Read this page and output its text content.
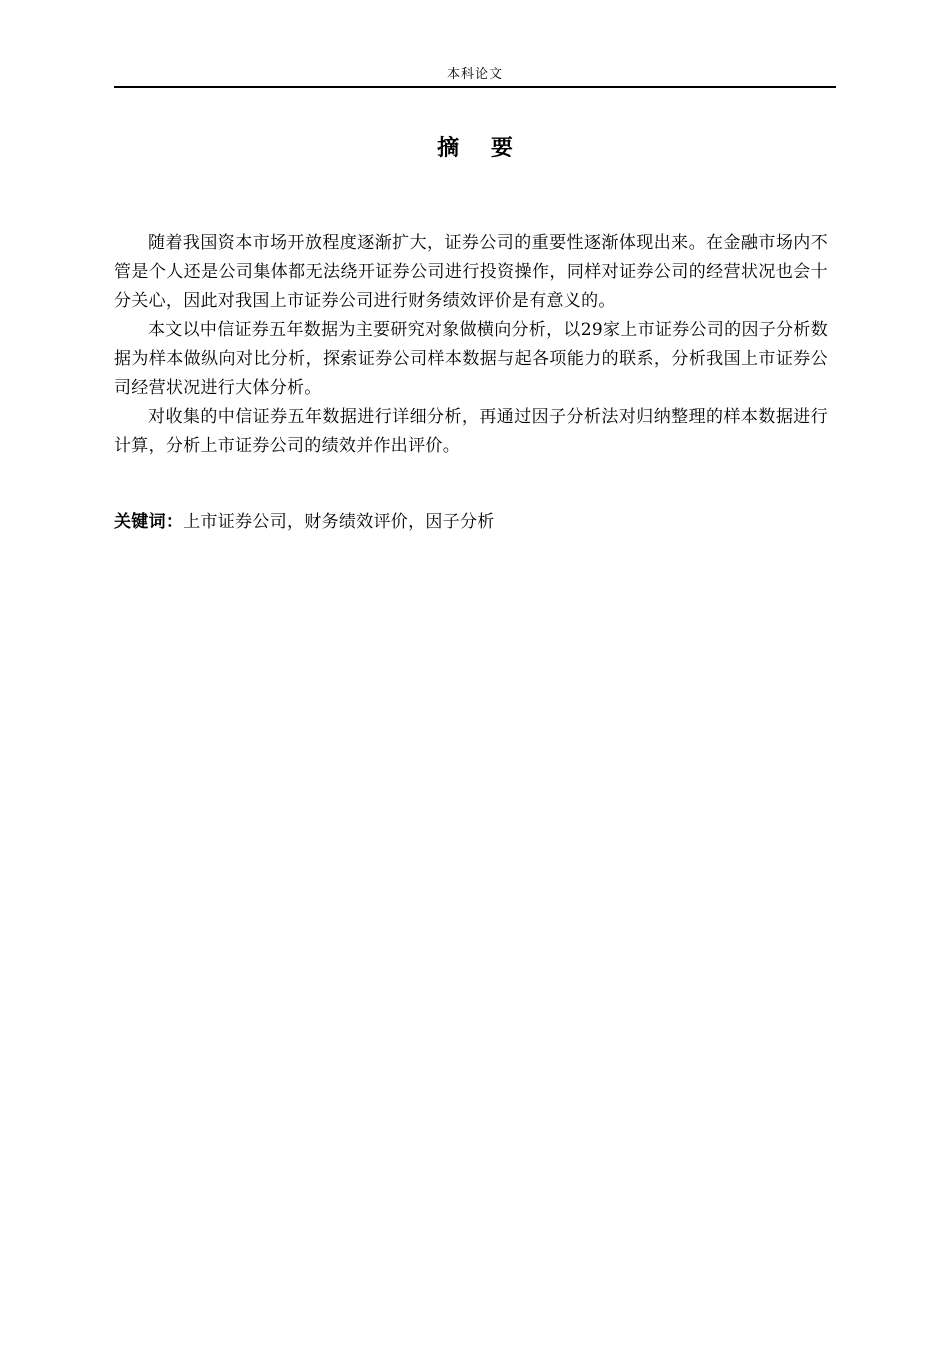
本科论文
摘 要

随着我国资本市场开放程度逐渐扩大，证券公司的重要性逐渐体现出来。在金融市场内不管是个人还是公司集体都无法绕开证券公司进行投资操作，同样对证券公司的经营状况也会十分关心，因此对我国上市证券公司进行财务绩效评价是有意义的。

本文以中信证券五年数据为主要研究对象做横向分析，以29家上市证券公司的因子分析数据为样本做纵向对比分析，探索证券公司样本数据与起各项能力的联系，分析我国上市证券公司经营状况进行大体分析。

对收集的中信证券五年数据进行详细分析，再通过因子分析法对归纳整理的样本数据进行计算，分析上市证券公司的绩效并作出评价。

关键词：上市证券公司，财务绩效评价，因子分析
